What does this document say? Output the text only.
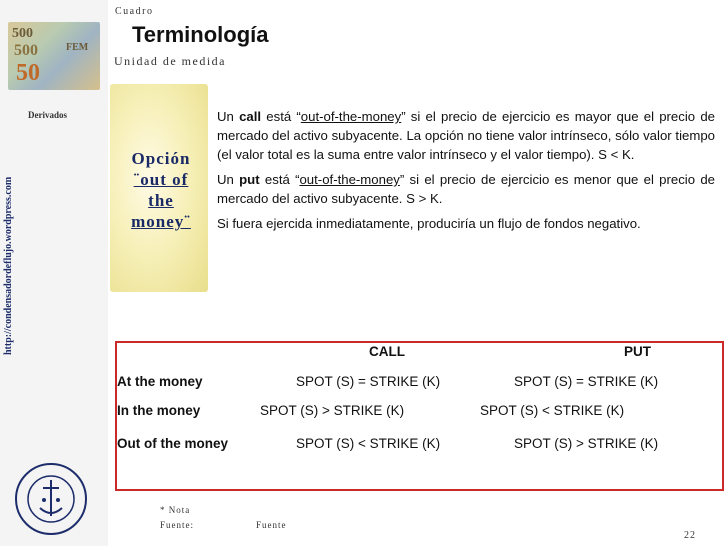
500
500	FEM
50
Derivados
http://condensadordeflujo.wordpress.com
Cuadro
Terminología
Unidad de medida
Opción
¨out of
the
money¨

Un call está “out-of-the-money” si el precio de ejercicio es mayor que el precio de mercado del activo subyacente. La opción no tiene valor intrínseco, sólo valor tiempo (el valor total es la suma entre valor intrínseco y el valor tiempo). S < K.

Un put está “out-of-the-money” si el precio de ejercicio es menor que el precio de mercado del activo subyacente. S > K.

Si fuera ejercida inmediatamente, produciría un flujo de fondos negativo.

CALL	PUT
At the money	SPOT (S) = STRIKE (K)	SPOT (S) = STRIKE (K)
In the money	SPOT (S) > STRIKE (K)	SPOT (S) < STRIKE (K)
Out of the money	SPOT (S) < STRIKE (K)	SPOT (S) > STRIKE (K)
* Nota
Fuente:	Fuente
22
